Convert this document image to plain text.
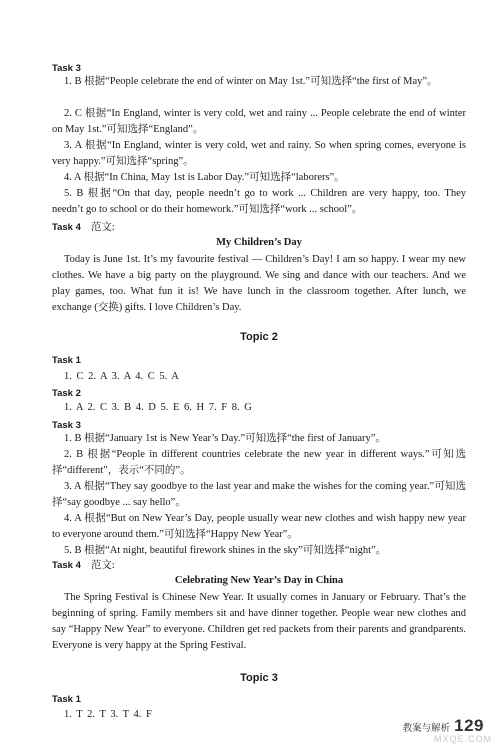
Task 3
1. B 根据“People celebrate the end of winter on May 1st.”可知选择“the first of May”。
2. C 根据“In England, winter is very cold, wet and rainy ... People celebrate the end of winter on May 1st.”可知选择“England”。
3. A 根据“In England, winter is very cold, wet and rainy. So when spring comes, everyone is very happy.”可知选择“spring”。
4. A 根据“In China, May 1st is Labor Day.”可知选择“laborers”。
5. B 根据“On that day, people needn’t go to work ... Children are very happy, too. They needn’t go to school or do their homework.”可知选择“work ... school”。
Task 4 范文:
My Children’s Day
Today is June 1st. It’s my favourite festival — Children’s Day! I am so happy. I wear my new clothes. We have a big party on the playground. We sing and dance with our teachers. And we play games, too. What fun it is! We have lunch in the classroom together. After lunch, we exchange (交换) gifts. I love Children’s Day.
Topic 2
Task 1
1. C 2. A 3. A 4. C 5. A
Task 2
1. A 2. C 3. B 4. D 5. E 6. H 7. F 8. G
Task 3
1. B 根据“January 1st is New Year’s Day.”可知选择“the first of January”。
2. B 根据“People in different countries celebrate the new year in different ways.”可知选择“different”，表示“不同的”。
3. A 根据“They say goodbye to the last year and make the wishes for the coming year.”可知选择“say goodbye ... say hello”。
4. A 根据“But on New Year’s Day, people usually wear new clothes and wish happy new year to everyone around them.”可知选择“Happy New Year”。
5. B 根据“At night, beautiful firework shines in the sky”可知选择“night”。
Task 4 范文:
Celebrating New Year’s Day in China
The Spring Festival is Chinese New Year. It usually comes in January or February. That’s the beginning of spring. Family members sit and have dinner together. People wear new clothes and say “Happy New Year” to everyone. Children get red packets from their parents and grandparents. Everyone is very happy at the Spring Festival.
Topic 3
Task 1
1. T 2. T 3. T 4. F
教案与解析 129
MXQE.COM
